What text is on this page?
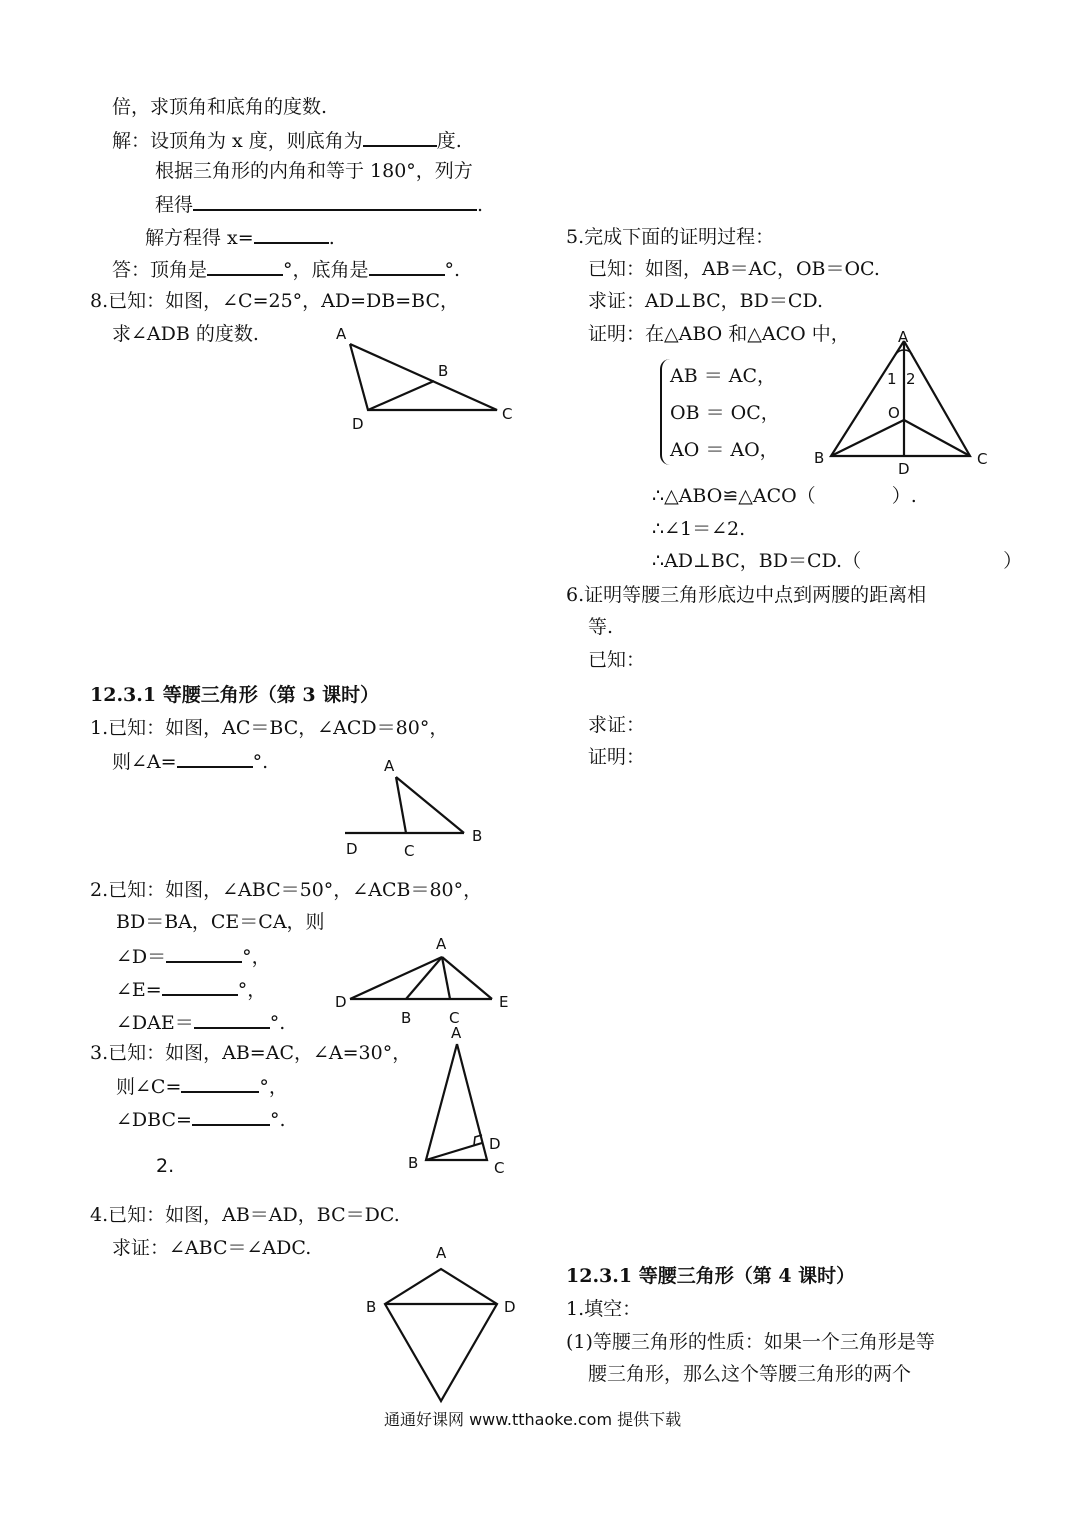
倍，求顶角和底角的度数.
解：设顶角为 x 度，则底角为	度.
根据三角形的内角和等于 180°，列方
程得	.
解方程得 x=	.
答：顶角是	°，底角是	°.
8.已知：如图，∠C=25°，AD=DB=BC，
求∠ADB 的度数.	A
B
C
D
12.3.1 等腰三角形（第 3 课时）
1.已知：如图，AC＝BC，∠ACD＝80°，
则∠A=	°.	A
B
C
D
2.已知：如图，∠ABC＝50°，∠ACB＝80°，
BD＝BA，CE＝CA，则
∠D＝	°，
∠E=	°，
∠DAE＝	°.
A
B	C
D	E
3.已知：如图，AB=AC，∠A=30°，
则∠C=	°，
∠DBC=	°.
2.
A
B	C
D
4.已知：如图，AB＝AD，BC＝DC.
求证：∠ABC＝∠ADC.	A
B	D
5.完成下面的证明过程：
已知：如图，AB＝AC，OB＝OC.
求证：AD⊥BC，BD＝CD.
证明：在△ABO 和△ACO 中，
AB ＝ AC，
OB ＝ OC，
AO ＝ AO，
A
B	C
D
O
1 2
∴△ABO≌△ACO（	）.
∴∠1＝∠2.
∴AD⊥BC，BD＝CD.（	）
6.证明等腰三角形底边中点到两腰的距离相
等.
已知：
求证：
证明：
12.3.1 等腰三角形（第 4 课时）
1.填空：
(1)等腰三角形的性质：如果一个三角形是等
腰三角形，那么这个等腰三角形的两个
通通好课网 www.tthaoke.com 提供下载
